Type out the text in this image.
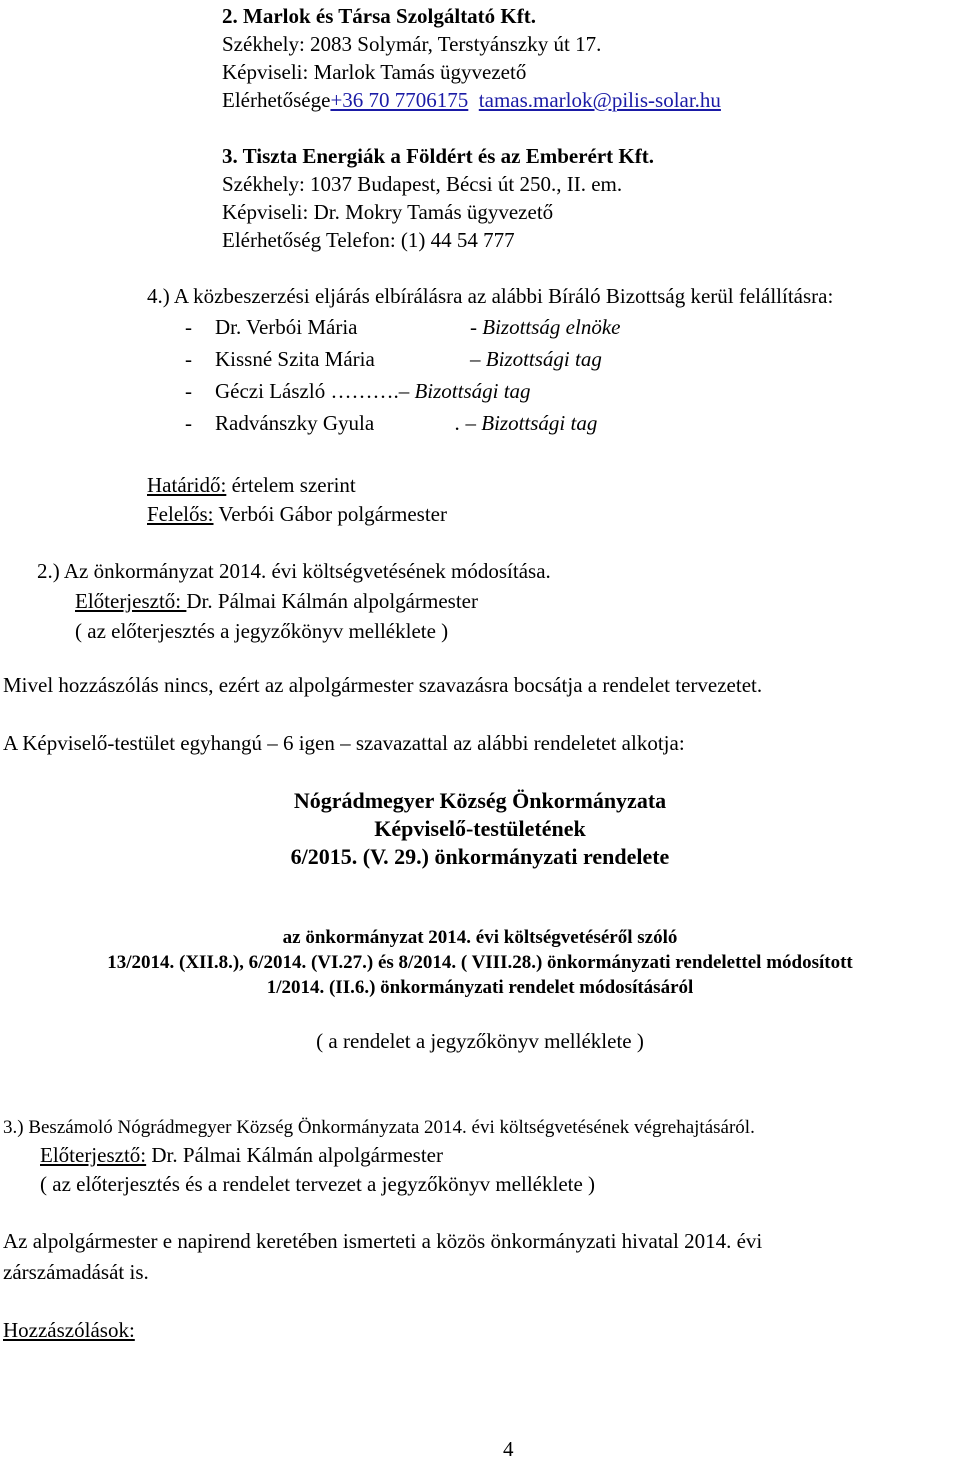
2. Marlok és Társa Szolgáltató Kft.
Székhely: 2083 Solymár, Terstyánszky út 17.
Képviseli: Marlok Tamás ügyvezető
Elérhetősége+36 70 7706175 tamas.marlok@pilis-solar.hu
3. Tiszta Energiák a Földért és az Emberért Kft.
Székhely: 1037 Budapest, Bécsi út 250., II. em.
Képviseli: Dr. Mokry Tamás ügyvezető
Elérhetőség Telefon: (1) 44 54 777
4.) A közbeszerzési eljárás elbírálásra az alábbi Bíráló Bizottság kerül felállításra:
- Dr. Verbói Mária	- Bizottság elnöke
- Kissné Szita Mária	– Bizottsági tag
- Géczi László ……….– Bizottsági tag
- Radvánszky Gyula	. – Bizottsági tag
Határidő: értelem szerint
Felelős: Verbói Gábor polgármester
2.) Az önkormányzat 2014. évi költségvetésének módosítása.
Előterjesztő: Dr. Pálmai Kálmán alpolgármester
( az előterjesztés a jegyzőkönyv melléklete )
Mivel hozzászólás nincs, ezért az alpolgármester szavazásra bocsátja a rendelet tervezetet.
A Képviselő-testület egyhangú – 6 igen – szavazattal az alábbi rendeletet alkotja:
Nógrádmegyer Község Önkormányzata
Képviselő-testületének
6/2015. (V. 29.) önkormányzati rendelete
az önkormányzat 2014. évi költségvetéséről szóló
13/2014. (XII.8.), 6/2014. (VI.27.) és 8/2014. ( VIII.28.) önkormányzati rendelettel módosított
1/2014. (II.6.) önkormányzati rendelet módosításáról
( a rendelet a jegyzőkönyv melléklete )
3.) Beszámoló Nógrádmegyer Község Önkormányzata 2014. évi költségvetésének végrehajtásáról.
Előterjesztő: Dr. Pálmai Kálmán alpolgármester
( az előterjesztés és a rendelet tervezet a jegyzőkönyv melléklete )
Az alpolgármester e napirend keretében ismerteti a közös önkormányzati hivatal 2014. évi
zárszámadását is.
Hozzászólások:
4
